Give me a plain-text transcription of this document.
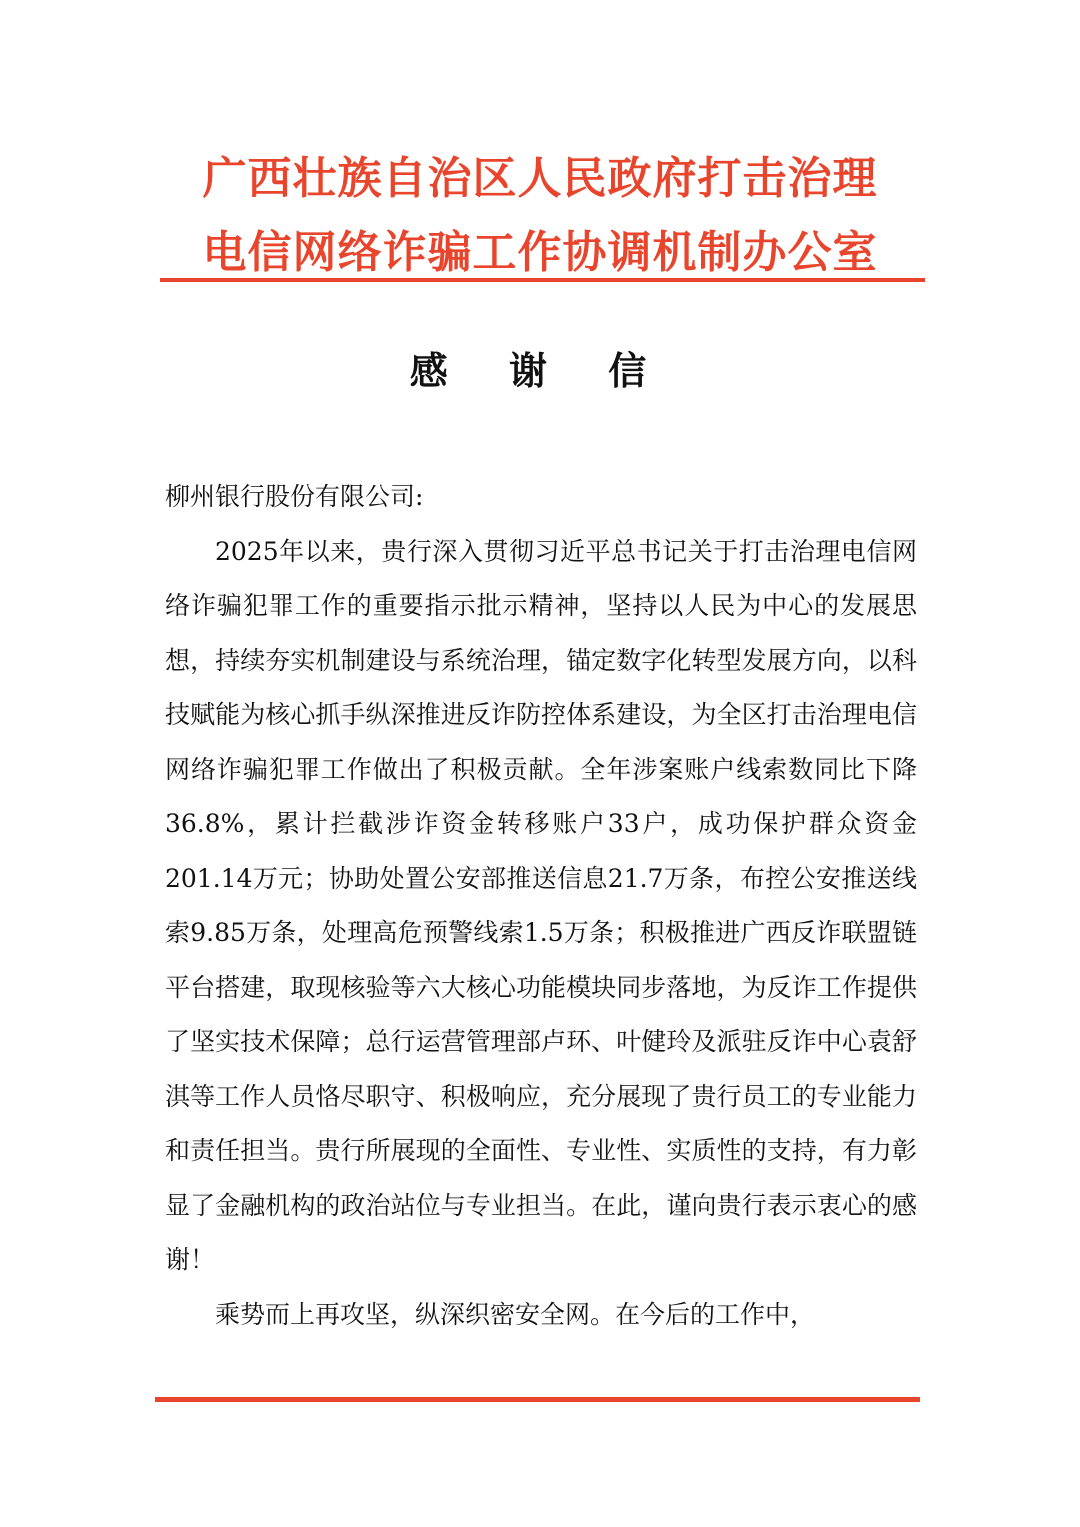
广西壮族自治区人民政府打击治理
电信网络诈骗工作协调机制办公室
感 谢 信

柳州银行股份有限公司:

2025年以来，贵行深入贯彻习近平总书记关于打击治理电信网络诈骗犯罪工作的重要指示批示精神，坚持以人民为中心的发展思想，持续夯实机制建设与系统治理，锚定数字化转型发展方向，以科技赋能为核心抓手纵深推进反诈防控体系建设，为全区打击治理电信网络诈骗犯罪工作做出了积极贡献。全年涉案账户线索数同比下降36.8%，累计拦截涉诈资金转移账户33户，成功保护群众资金201.14万元；协助处置公安部推送信息21.7万条，布控公安推送线索9.85万条，处理高危预警线索1.5万条；积极推进广西反诈联盟链平台搭建，取现核验等六大核心功能模块同步落地，为反诈工作提供了坚实技术保障；总行运营管理部卢环、叶健玲及派驻反诈中心袁舒淇等工作人员恪尽职守、积极响应，充分展现了贵行员工的专业能力和责任担当。贵行所展现的全面性、专业性、实质性的支持，有力彰显了金融机构的政治站位与专业担当。在此，谨向贵行表示衷心的感谢！

乘势而上再攻坚，纵深织密安全网。在今后的工作中，
